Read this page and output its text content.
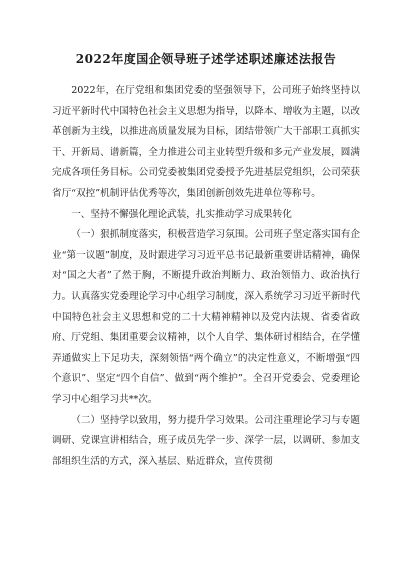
2022年度国企领导班子述学述职述廉述法报告

2022年，在厅党组和集团党委的坚强领导下，公司班子始终坚持以习近平新时代中国特色社会主义思想为指导，以降本、增收为主题，以改革创新为主线，以推进高质量发展为目标，团结带领广大干部职工真抓实干、开新局、谱新篇，全力推进公司主业转型升级和多元产业发展，圆满完成各项任务目标。公司党委被集团党委授予先进基层党组织，公司荣获省厅“双控”机制评估优秀等次，集团创新创效先进单位等称号。

一、坚持不懈强化理论武装，扎实推动学习成果转化

（一）狠抓制度落实，积极营造学习氛围。公司班子坚定落实国有企业“第一议题”制度，及时跟进学习习近平总书记最新重要讲话精神，确保对“国之大者”了然于胸，不断提升政治判断力、政治领悟力、政治执行力。认真落实党委理论学习中心组学习制度，深入系统学习习近平新时代中国特色社会主义思想和党的二十大精神精神以及党内法规、省委省政府、厅党组、集团重要会议精神，以个人自学、集体研讨相结合，在学懂弄通做实上下足功夫，深刻领悟“两个确立”的决定性意义，不断增强“四个意识”、坚定“四个自信”、做到“两个维护”。全召开党委会、党委理论学习中心组学习共**次。

（二）坚持学以致用，努力提升学习效果。公司注重理论学习与专题调研、党课宣讲相结合，班子成员先学一步、深学一层，以调研、参加支部组织生活的方式，深入基层、贴近群众，宣传贯彻
